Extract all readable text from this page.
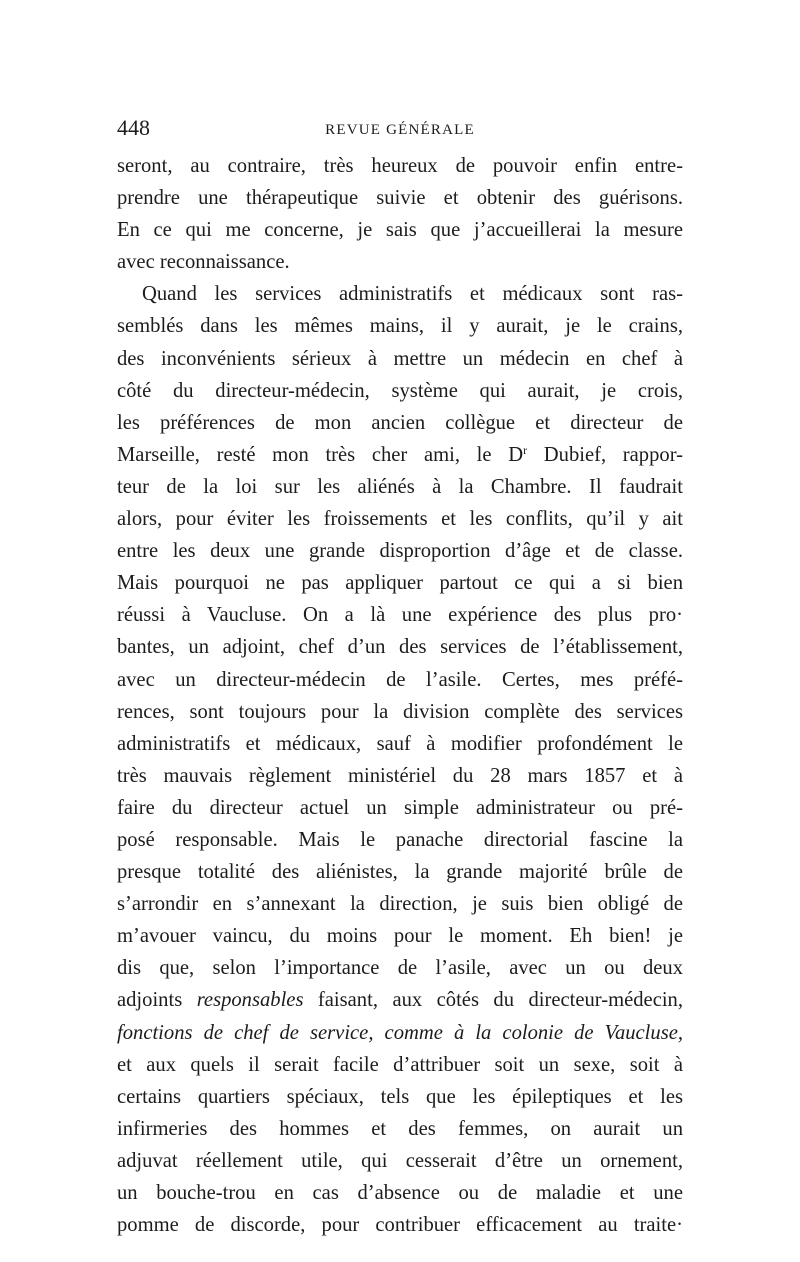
448	REVUE GÉNÉRALE
seront, au contraire, très heureux de pouvoir enfin entre-
prendre une thérapeutique suivie et obtenir des guérisons.
En ce qui me concerne, je sais que j’accueillerai la mesure
avec reconnaissance.
Quand les services administratifs et médicaux sont ras-
semblés dans les mêmes mains, il y aurait, je le crains,
des inconvénients sérieux à mettre un médecin en chef à
côté du directeur-médecin, système qui aurait, je crois,
les préférences de mon ancien collègue et directeur de
Marseille, resté mon très cher ami, le $D^r$ Dubief, rappor-
teur de la loi sur les aliénés à la Chambre. Il faudrait
alors, pour éviter les froissements et les conflits, qu’il y ait
entre les deux une grande disproportion d’âge et de classe.
Mais pourquoi ne pas appliquer partout ce qui a si bien
réussi à Vaucluse. On a là une expérience des plus pro·
bantes, un adjoint, chef d’un des services de l’établissement,
avec un directeur-médecin de l’asile. Certes, mes préfé-
rences, sont toujours pour la division complète des services
administratifs et médicaux, sauf à modifier profondément le
très mauvais règlement ministériel du 28 mars 1857 et à
faire du directeur actuel un simple administrateur ou pré-
posé responsable. Mais le panache directorial fascine la
presque totalité des aliénistes, la grande majorité brûle de
s’arrondir en s’annexant la direction, je suis bien obligé de
m’avouer vaincu, du moins pour le moment. Eh bien! je
dis que, selon l’importance de l’asile, avec un ou deux
adjoints responsables faisant, aux côtés du directeur-médecin,
fonctions de chef de service, comme à la colonie de Vaucluse,
et aux quels il serait facile d’attribuer soit un sexe, soit à
certains quartiers spéciaux, tels que les épileptiques et les
infirmeries des hommes et des femmes, on aurait un
adjuvat réellement utile, qui cesserait d’être un ornement,
un bouche-trou en cas d’absence ou de maladie et une
pomme de discorde, pour contribuer efficacement au traite·
